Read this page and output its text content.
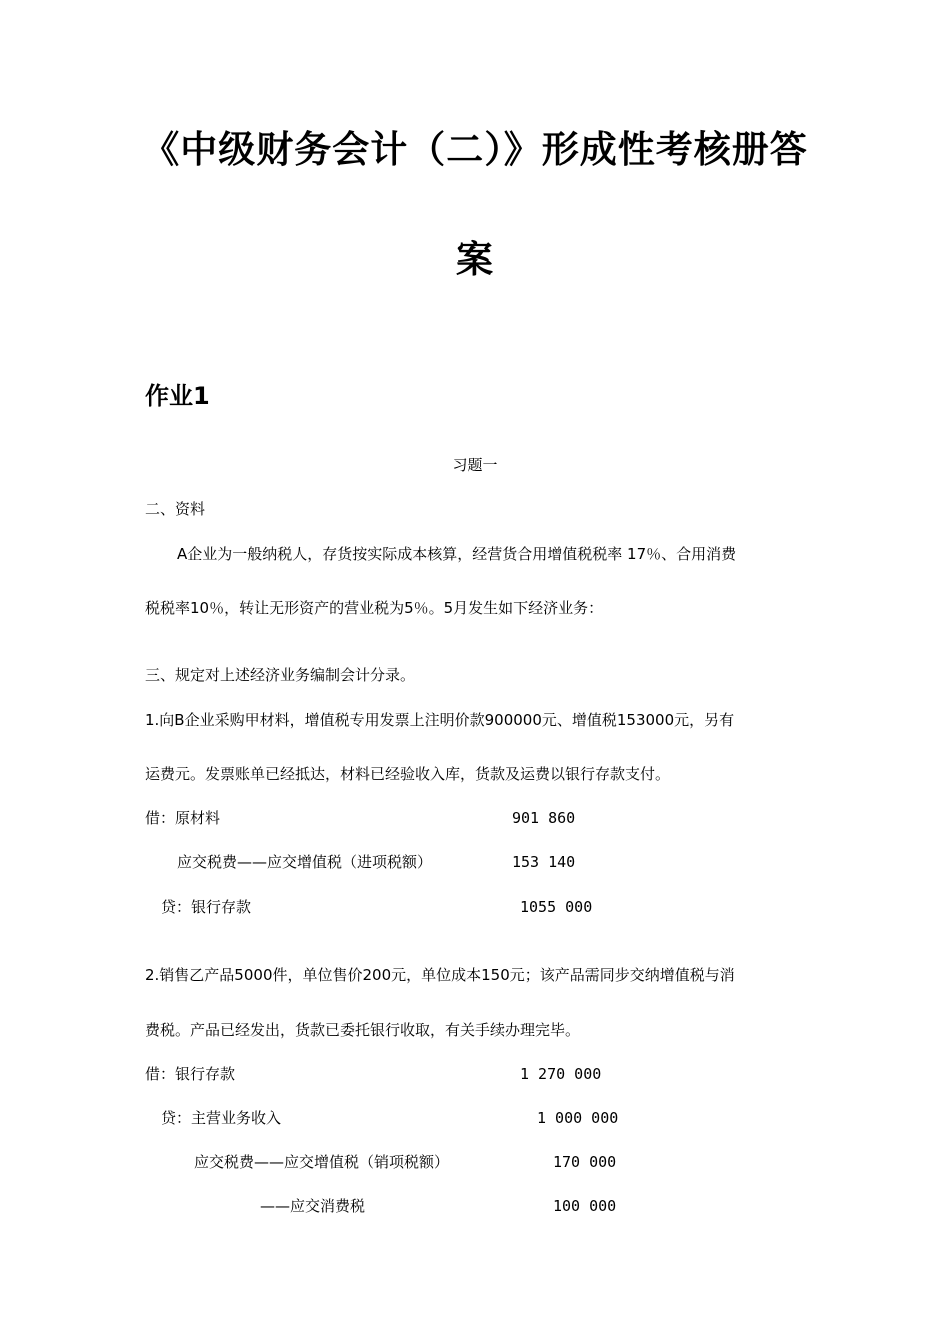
《中级财务会计（二）》形成性考核册答
案
作业1
习题一
二、资料
A企业为一般纳税人，存货按实际成本核算，经营货合用增值税税率 17％、合用消费
税税率10％，转让无形资产的营业税为5％。5月发生如下经济业务：
三、规定对上述经济业务编制会计分录。
1.向B企业采购甲材料，增值税专用发票上注明价款900000元、增值税153000元，另有
运费元。发票账单已经抵达，材料已经验收入库，货款及运费以银行存款支付。
借：原材料	901 860
应交税费——应交增值税（进项税额）	153 140
贷：银行存款	1055 000
2.销售乙产品5000件，单位售价200元，单位成本150元；该产品需同步交纳增值税与消
费税。产品已经发出，货款已委托银行收取，有关手续办理完毕。
借：银行存款	1 270 000
贷：主营业务收入	1 000 000
应交税费——应交增值税（销项税额）	170 000
——应交消费税	100 000
